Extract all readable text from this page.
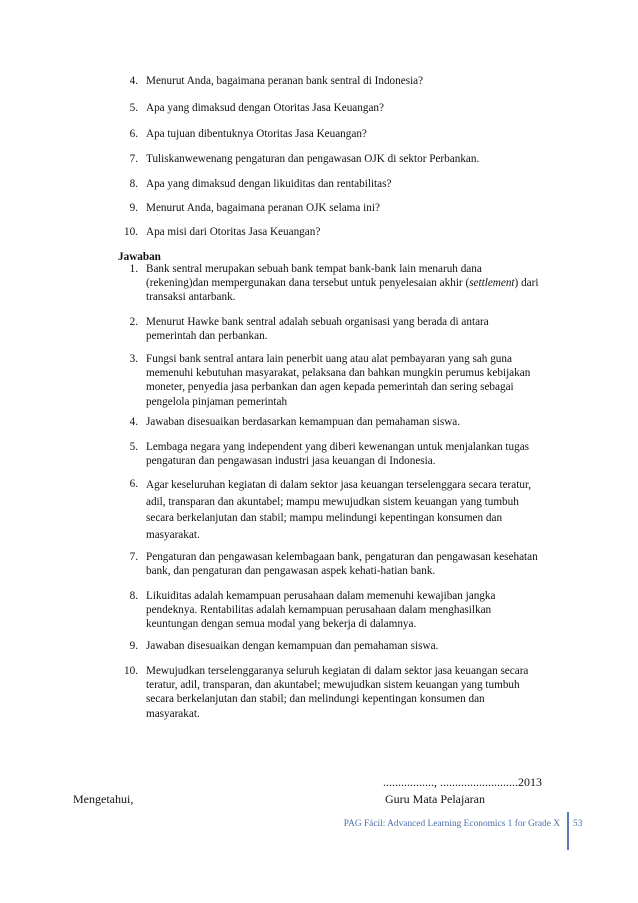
4. Menurut Anda, bagaimana peranan bank sentral di Indonesia?
5. Apa yang dimaksud dengan Otoritas Jasa Keuangan?
6. Apa tujuan dibentuknya Otoritas Jasa Keuangan?
7. Tuliskanwewenang pengaturan dan pengawasan OJK di sektor Perbankan.
8. Apa yang dimaksud dengan likuiditas dan rentabilitas?
9. Menurut Anda, bagaimana peranan OJK selama ini?
10. Apa misi dari Otoritas Jasa Keuangan?
Jawaban
1. Bank sentral merupakan sebuah bank tempat bank-bank lain menaruh dana
(rekening)dan mempergunakan dana tersebut untuk penyelesaian akhir (settlement) dari
transaksi antarbank.
2. Menurut Hawke bank sentral adalah sebuah organisasi yang berada di antara
pemerintah dan perbankan.
3. Fungsi bank sentral antara lain penerbit uang atau alat pembayaran yang sah guna
memenuhi kebutuhan masyarakat, pelaksana dan bahkan mungkin perumus kebijakan
moneter, penyedia jasa perbankan dan agen kepada pemerintah dan sering sebagai
pengelola pinjaman pemerintah
4. Jawaban disesuaikan berdasarkan kemampuan dan pemahaman siswa.
5. Lembaga negara yang independent yang diberi kewenangan untuk menjalankan tugas
pengaturan dan pengawasan industri jasa keuangan di Indonesia.
6. Agar keseluruhan kegiatan di dalam sektor jasa keuangan terselenggara secara teratur,
adil, transparan dan akuntabel; mampu mewujudkan sistem keuangan yang tumbuh
secara berkelanjutan dan stabil; mampu melindungi kepentingan konsumen dan
masyarakat.
7. Pengaturan dan pengawasan kelembagaan bank, pengaturan dan pengawasan kesehatan
bank, dan pengaturan dan pengawasan aspek kehati-hatian bank.
8. Likuiditas adalah kemampuan perusahaan dalam memenuhi kewajiban jangka
pendeknya. Rentabilitas adalah kemampuan perusahaan dalam menghasilkan
keuntungan dengan semua modal yang bekerja di dalamnya.
9. Jawaban disesuaikan dengan kemampuan dan pemahaman siswa.
10. Mewujudkan terselenggaranya seluruh kegiatan di dalam sektor jasa keuangan secara
teratur, adil, transparan, dan akuntabel; mewujudkan sistem keuangan yang tumbuh
secara berkelanjutan dan stabil; dan melindungi kepentingan konsumen dan
masyarakat.
................., ..........................2013
Mengetahui,	Guru Mata Pelajaran
PAG Fácil: Advanced Learning Economics 1 for Grade X 53
